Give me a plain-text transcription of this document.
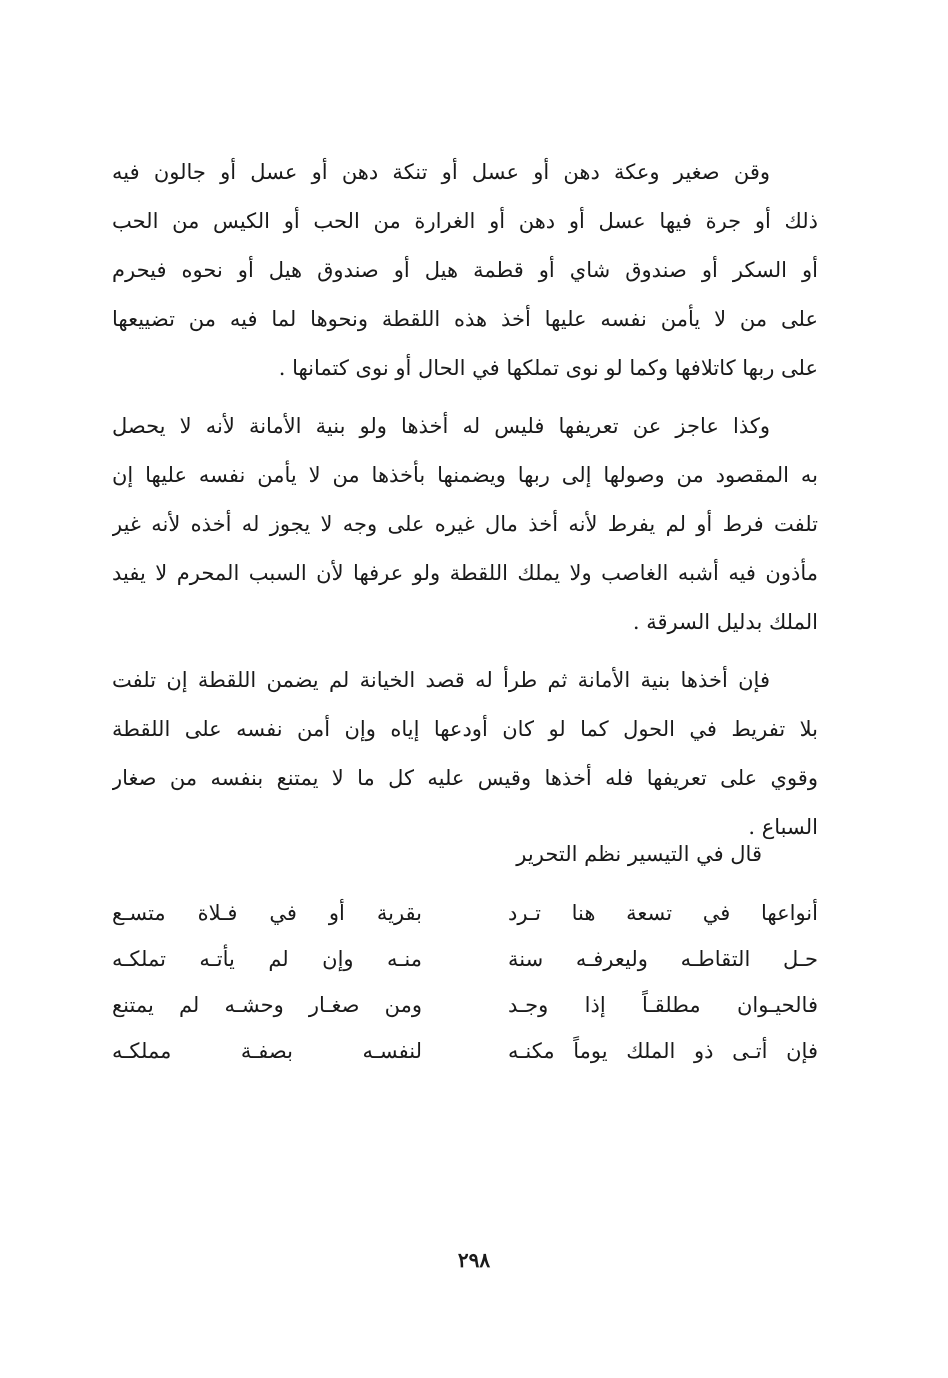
وقن صغير وعكة دهن أو عسل أو تنكة دهن أو عسل أو جالون فيه
ذلك أو جرة فيها عسل أو دهن أو الغرارة من الحب أو الكيس من الحب
أو السكر أو صندوق شاي أو قطمة هيل أو صندوق هيل أو نحوه فيحرم
على من لا يأمن نفسه عليها أخذ هذه اللقطة ونحوها لما فيه من تضييعها
على ربها كاتلافها وكما لو نوى تملكها في الحال أو نوى كتمانها .
وكذا عاجز عن تعريفها فليس له أخذها ولو بنية الأمانة لأنه لا يحصل
به المقصود من وصولها إلى ربها ويضمنها بأخذها من لا يأمن نفسه عليها إن
تلفت فرط أو لم يفرط لأنه أخذ مال غيره على وجه لا يجوز له أخذه لأنه غير
مأذون فيه أشبه الغاصب ولا يملك اللقطة ولو عرفها لأن السبب المحرم لا يفيد
الملك بدليل السرقة .
فإن أخذها بنية الأمانة ثم طرأ له قصد الخيانة لم يضمن اللقطة إن تلفت
بلا تفريط في الحول كما لو كان أودعها إياه وإن أمن نفسه على اللقطة
وقوي على تعريفها فله أخذها وقيس عليه كل ما لا يمتنع بنفسه من صغار
السباع .
قال في التيسير نظم التحرير
أنواعها في تسعة هنا تـرد
بقرية أو في فـلاة متسـع
حـل التقاطـه وليعرفـه سنة
منـه وإن لم يأتـه تملكـه
فالحيـوان مطلقـاً إذا وجـد
ومن صغـار وحشـه لم يمتنع
فإن أتـى ذو الملك يوماً مكنـه
لنفسـه بصفـة مملكـه
٢٩٨
